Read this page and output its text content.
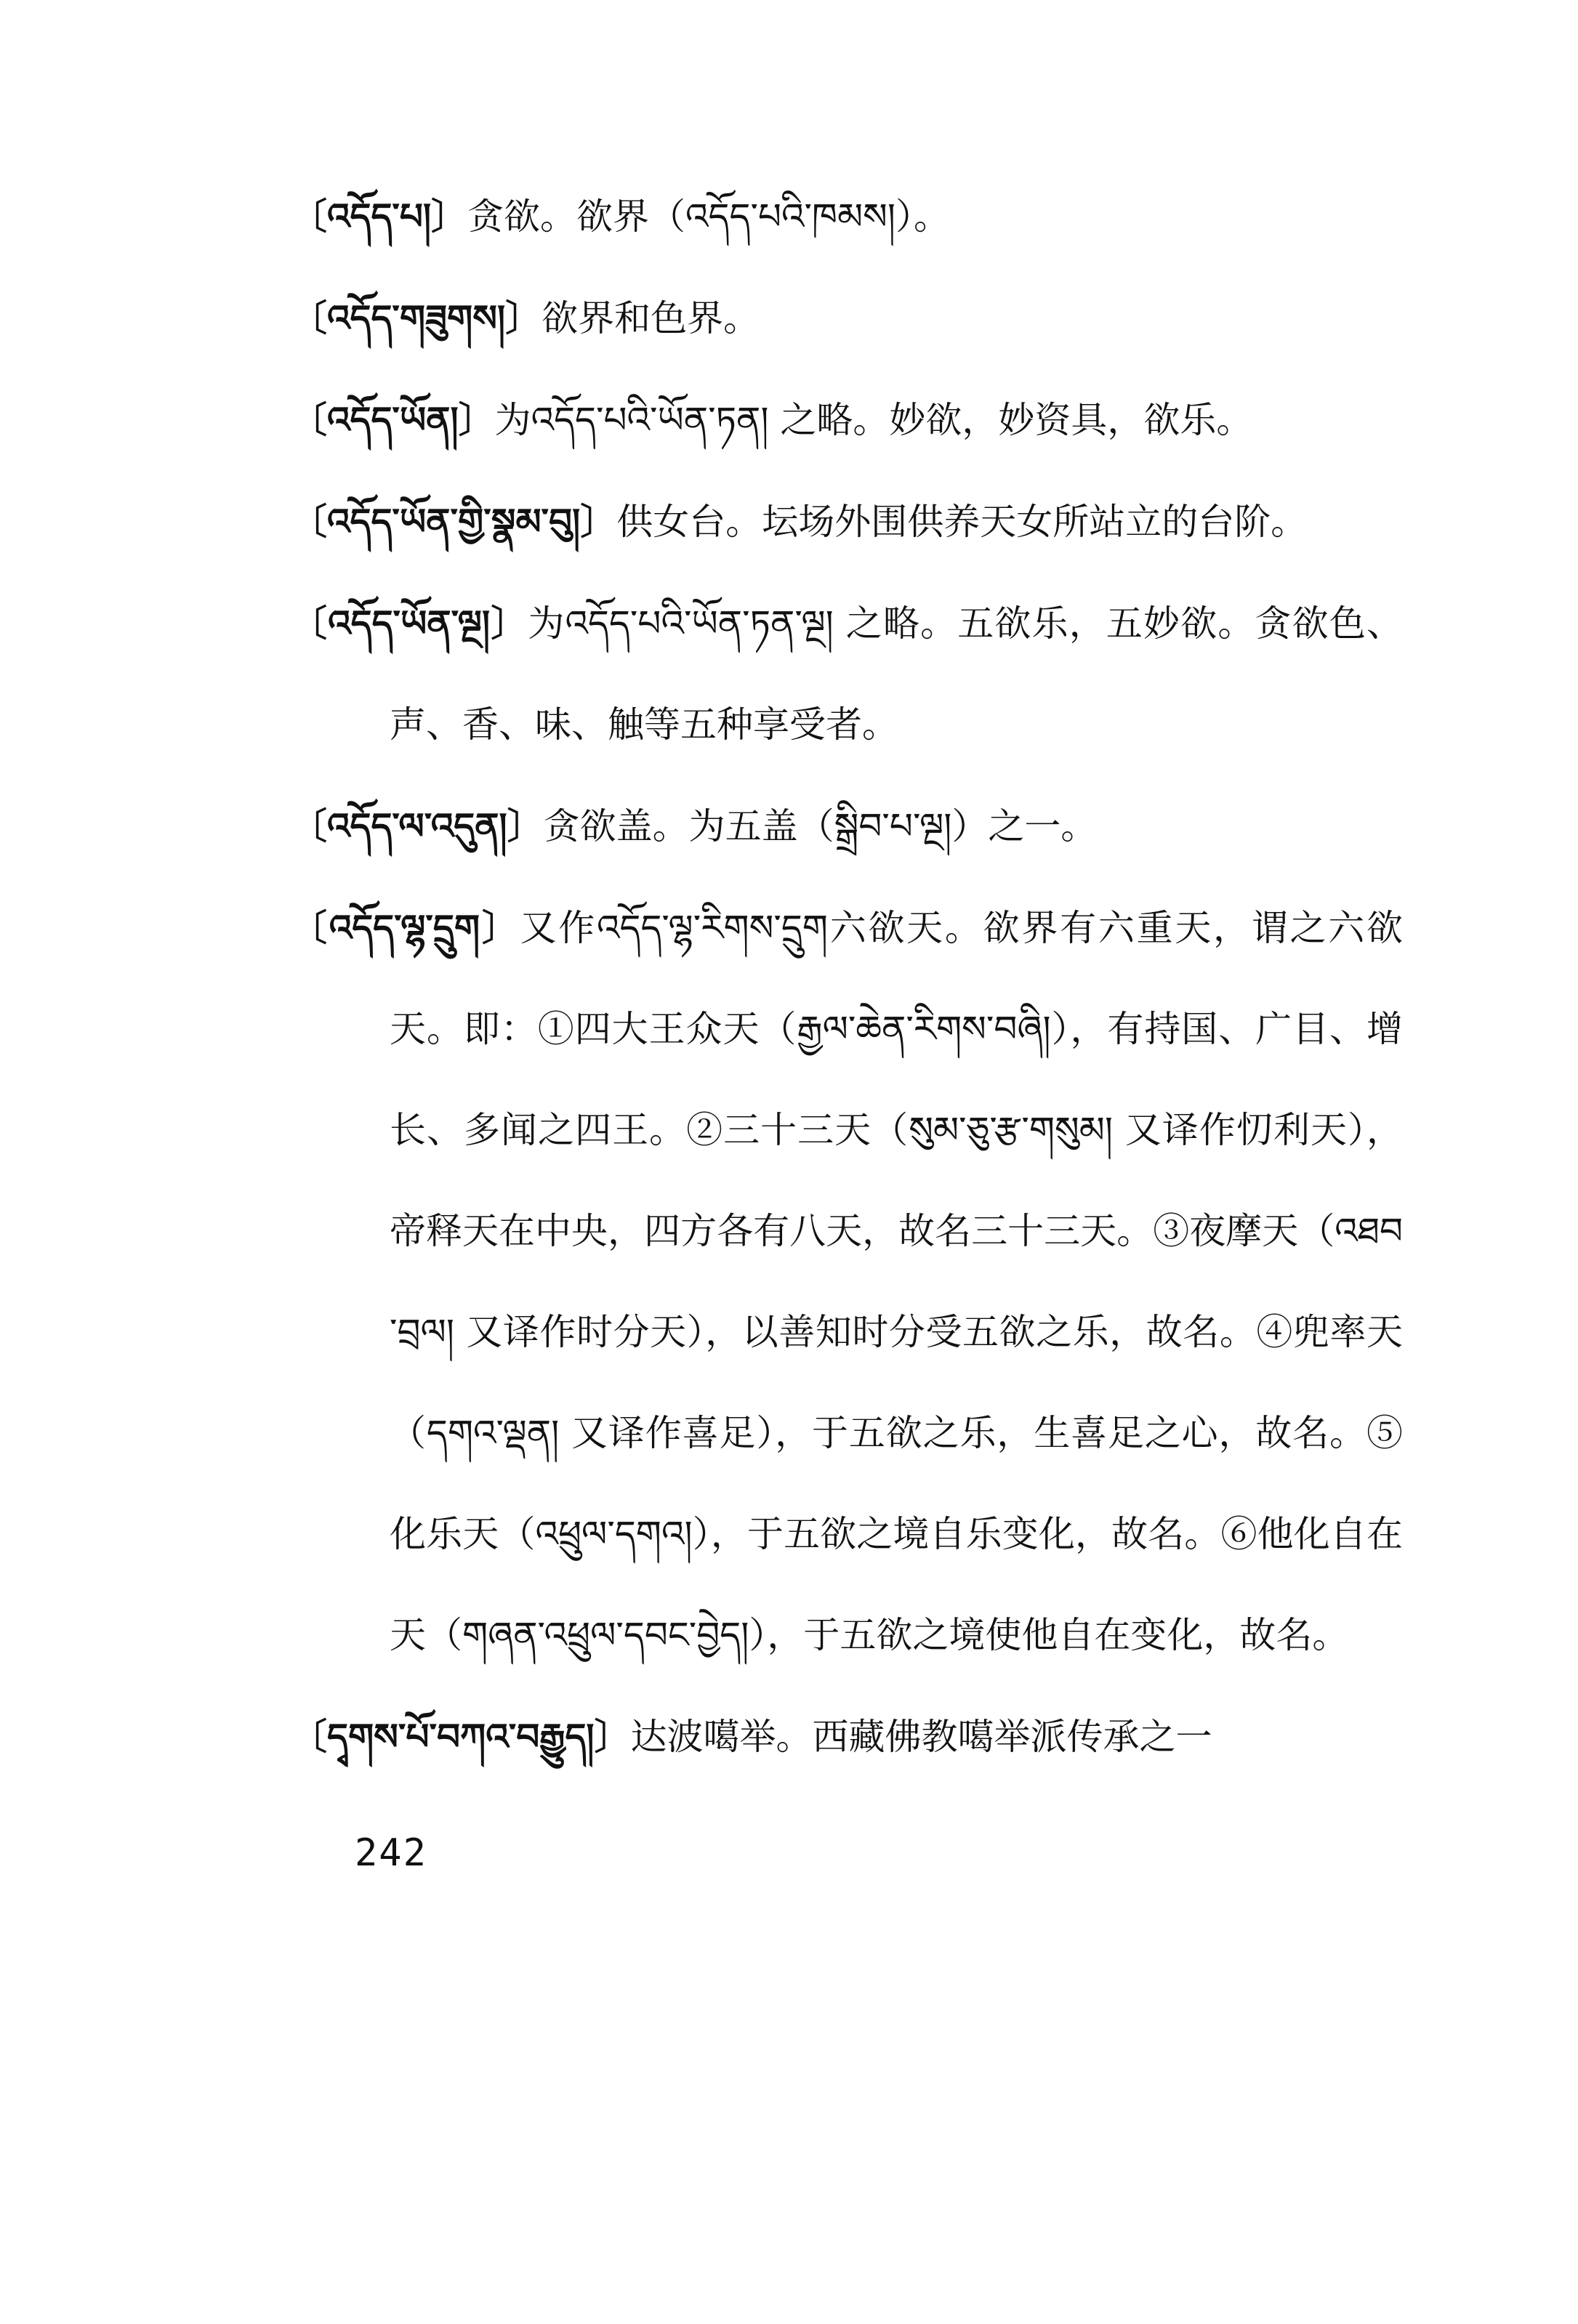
〔འདོད་པ།〕贪欲。欲界（འདོད་པའི་ཁམས།）。

〔འདོད་གཟུགས།〕欲界和色界。

〔འདོད་ཡོན།〕为འདོད་པའི་ཡོན་ཏན། 之略。妙欲，妙资具，欲乐。

〔འདོད་ཡོན་གྱི་སྣམ་བུ།〕供女台。坛场外围供养天女所站立的台阶。

〔འདོད་ཡོན་ལྔ།〕为འདོད་པའི་ཡོན་ཏན་ལྔ། 之略。五欲乐，五妙欲。贪欲色、声、香、味、触等五种享受者。

〔འདོད་ལ་འདུན།〕贪欲盖。为五盖（སྒྲིབ་པ་ལྔ།）之一。

〔འདོད་ལྷ་དྲུག〕又作འདོད་ལྷ་རིགས་དྲུག六欲天。欲界有六重天，谓之六欲天。即：①四大王众天（རྒྱལ་ཆེན་རིགས་བཞི།），有持国、广目、增长、多闻之四王。②三十三天（སུམ་ཅུ་རྩ་གསུམ། 又译作忉利天），帝释天在中央，四方各有八天，故名三十三天。③夜摩天（འཐབ་བྲལ། 又译作时分天），以善知时分受五欲之乐，故名。④兜率天（དགའ་ལྡན། 又译作喜足），于五欲之乐，生喜足之心，故名。⑤化乐天（འཕྲུལ་དགའ།），于五欲之境自乐变化，故名。⑥他化自在天（གཞན་འཕྲུལ་དབང་བྱེད།），于五欲之境使他自在变化，故名。

〔དྭགས་པོ་བཀའ་བརྒྱུད།〕达波噶举。西藏佛教噶举派传承之一

242
